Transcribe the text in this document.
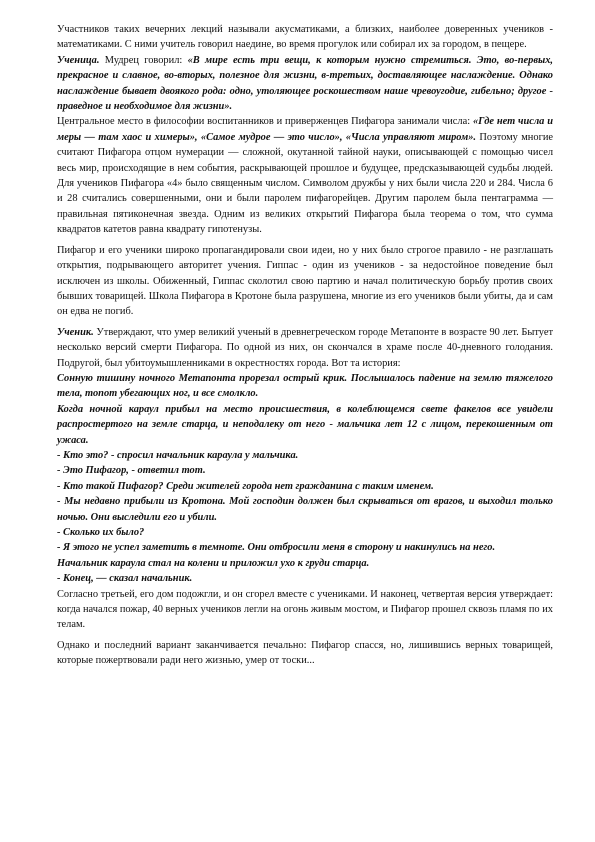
Участников таких вечерних лекций называли акусматиками, а близких, наиболее доверенных учеников - математиками. С ними учитель говорил наедине, во время прогулок или собирал их за городом, в пещере.

Ученица. Мудрец говорил: «В мире есть три вещи, к которым нужно стремиться. Это, во-первых, прекрасное и славное, во-вторых, полезное для жизни, в-третьих, доставляющее наслаждение. Однако наслаждение бывает двоякого рода: одно, утоляющее роскошеством наше чревоугодие, гибельно; другое - праведное и необходимое для жизни».

Центральное место в философии воспитанников и приверженцев Пифагора занимали числа: «Где нет числа и меры — там хаос и химеры», «Самое мудрое — это число», «Числа управляют миром». Поэтому многие считают Пифагора отцом нумерации — сложной, окутанной тайной науки, описывающей с помощью чисел весь мир, происходящие в нем события, раскрывающей прошлое и будущее, предсказывающей судьбы людей. Для учеников Пифагора «4» было священным числом. Символом дружбы у них были числа 220 и 284. Числа 6 и 28 считались совершенными, они и были паролем пифагорейцев. Другим паролем была пентаграмма — правильная пятиконечная звезда. Одним из великих открытий Пифагора была теорема о том, что сумма квадратов катетов равна квадрату гипотенузы.

Пифагор и его ученики широко пропагандировали свои идеи, но у них было строгое правило - не разглашать открытия, подрывающего авторитет учения. Гиппас - один из учеников - за недостойное поведение был исключен из школы. Обиженный, Гиппас сколотил свою партию и начал политическую борьбу против своих бывших товарищей. Школа Пифагора в Кротоне была разрушена, многие из его учеников были убиты, да и сам он едва не погиб.

Ученик. Утверждают, что умер великий ученый в древнегреческом городе Метапонте в возрасте 90 лет. Бытует несколько версий смерти Пифагора. По одной из них, он скончался в храме после 40-дневного голодания. Подругой, был убитоумышленниками в окрестностях города. Вот та история:

Сонную тишину ночного Метапонта прорезал острый крик. Послышалось падение на землю тяжелого тела, топот убегающих ног, и все смолкло.

Когда ночной караул прибыл на место происшествия, в колеблющемся свете факелов все увидели распростертого на земле старца, и неподалеку от него - мальчика лет 12 с лицом, перекошенным от ужаса.

- Кто это? - спросил начальник караула у мальчика.

- Это Пифагор, - ответил тот.

- Кто такой Пифагор? Среди жителей города нет гражданина с таким именем.

- Мы недавно прибыли из Кротона. Мой господин должен был скрываться от врагов, и выходил только ночью. Они выследили его и убили.

- Сколько их было?

- Я этого не успел заметить в темноте. Они отбросили меня в сторону и накинулись на него.

Начальник караула стал на колени и приложил ухо к груди старца.

- Конец, — сказал начальник.

Согласно третьей, его дом подожгли, и он сгорел вместе с учениками. И наконец, четвертая версия утверждает: когда начался пожар, 40 верных учеников легли на огонь живым мостом, и Пифагор прошел сквозь пламя по их телам.

Однако и последний вариант заканчивается печально: Пифагор спасся, но, лишившись верных товарищей, которые пожертвовали ради него жизнью, умер от тоски...
